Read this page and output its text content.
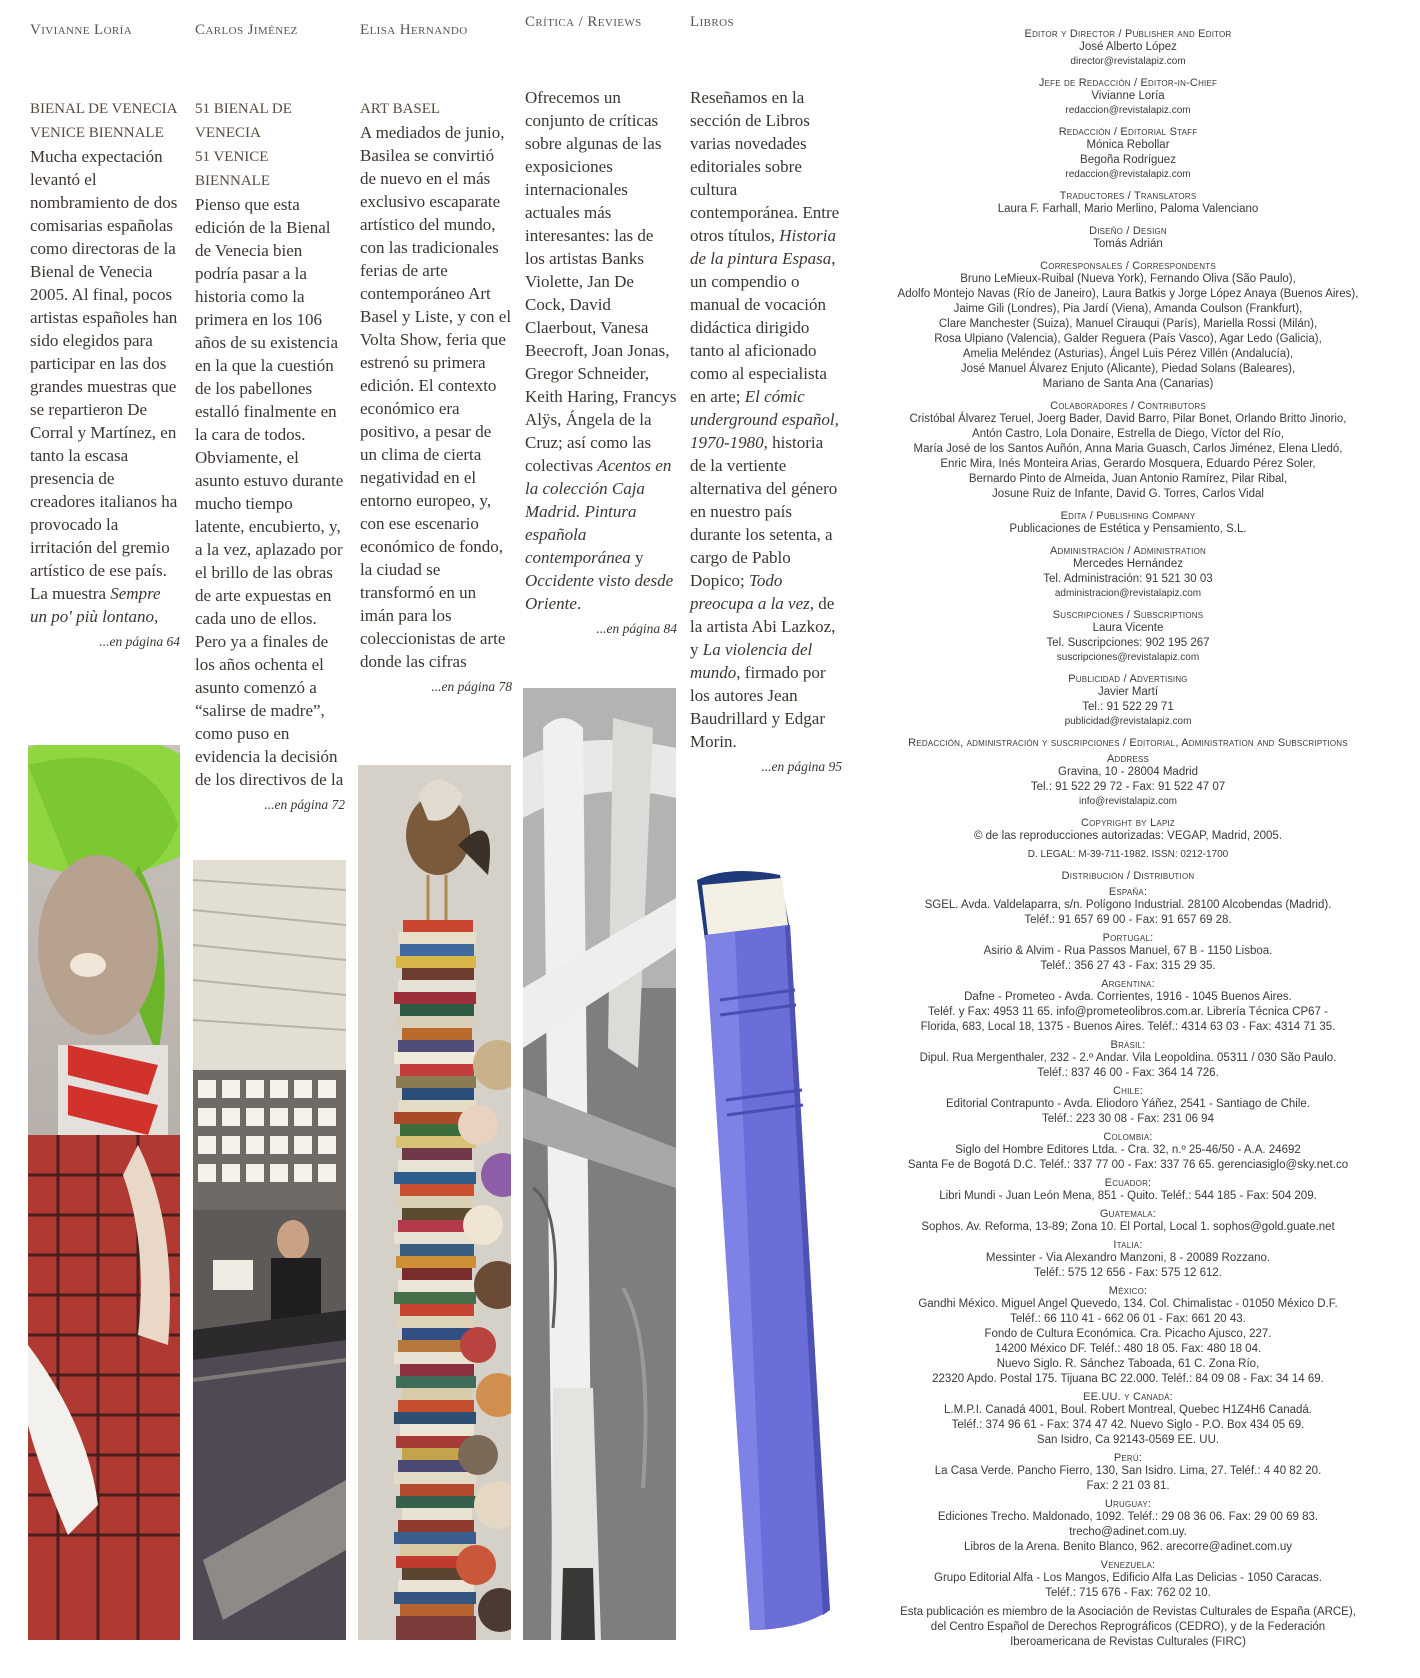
Vivianne Loría
BIENAL DE VENECIA
VENICE BIENNALE
Mucha expectación levantó el nombramiento de dos comisarias españolas como directoras de la Bienal de Venecia 2005. Al final, pocos artistas españoles han sido elegidos para participar en las dos grandes muestras que se repartieron De Corral y Martínez, en tanto la escasa presencia de creadores italianos ha provocado la irritación del gremio artístico de ese país. La muestra Sempre un po' più lontano,
...en página 64
Carlos Jiménez
51 BIENAL DE VENECIA
51 VENICE BIENNALE
Pienso que esta edición de la Bienal de Venecia bien podría pasar a la historia como la primera en los 106 años de su existencia en la que la cuestión de los pabellones estalló finalmente en la cara de todos. Obviamente, el asunto estuvo durante mucho tiempo latente, encubierto, y, a la vez, aplazado por el brillo de las obras de arte expuestas en cada uno de ellos. Pero ya a finales de los años ochenta el asunto comenzó a “salirse de madre”, como puso en evidencia la decisión de los directivos de la
...en página 72
Elisa Hernando
ART BASEL
A mediados de junio, Basilea se convirtió de nuevo en el más exclusivo escaparate artístico del mundo, con las tradicionales ferias de arte contemporáneo Art Basel y Liste, y con el Volta Show, feria que estrenó su primera edición. El contexto económico era positivo, a pesar de un clima de cierta negatividad en el entorno europeo, y, con ese escenario económico de fondo, la ciudad se transformó en un imán para los coleccionistas de arte donde las cifras
...en página 78
Crítica / Reviews
Ofrecemos un conjunto de críticas sobre algunas de las exposiciones internacionales actuales más interesantes: las de los artistas Banks Violette, Jan De Cock, David Claerbout, Vanesa Beecroft, Joan Jonas, Gregor Schneider, Keith Haring, Francys Alÿs, Ángela de la Cruz; así como las colectivas Acentos en la colección Caja Madrid. Pintura española contemporánea y Occidente visto desde Oriente.
...en página 84
Libros
Reseñamos en la sección de Libros varias novedades editoriales sobre cultura contemporánea. Entre otros títulos, Historia de la pintura Espasa, un compendio o manual de vocación didáctica dirigido tanto al aficionado como al especialista en arte; El cómic underground español, 1970-1980, historia de la vertiente alternativa del género en nuestro país durante los setenta, a cargo de Pablo Dopico; Todo preocupa a la vez, de la artista Abi Lazkoz, y La violencia del mundo, firmado por los autores Jean Baudrillard y Edgar Morin.
...en página 95
Editor y Director / Publisher and Editor
José Alberto López
director@revistalapiz.com
Jefe de Redacción / Editor-in-Chief
Vivianne Loría
redaccion@revistalapiz.com
Redacción / Editorial Staff
Mónica Rebollar
Begoña Rodríguez
redaccion@revistalapiz.com
Traductores / Translators
Laura F. Farhall, Mario Merlino, Paloma Valenciano
Diseño / Design
Tomás Adrián
Corresponsales / Correspondents
Bruno LeMieux-Ruibal (Nueva York), Fernando Oliva (São Paulo),
Adolfo Montejo Navas (Río de Janeiro), Laura Batkis y Jorge López Anaya (Buenos Aires),
Jaime Gili (Londres), Pia Jardí (Viena), Amanda Coulson (Frankfurt),
Clare Manchester (Suiza), Manuel Cirauqui (París), Mariella Rossi (Milán),
Rosa Ulpiano (Valencia), Galder Reguera (País Vasco), Agar Ledo (Galicia),
Amelia Meléndez (Asturias), Ángel Luis Pérez Villén (Andalucía),
José Manuel Álvarez Enjuto (Alicante), Piedad Solans (Baleares),
Mariano de Santa Ana (Canarias)
Colaboradores / Contributors
Cristóbal Álvarez Teruel, Joerg Bader, David Barro, Pilar Bonet, Orlando Britto Jinorio,
Antón Castro, Lola Donaire, Estrella de Diego, Víctor del Río,
María José de los Santos Auñón, Anna Maria Guasch, Carlos Jiménez, Elena Lledó,
Enric Mira, Inés Monteira Arias, Gerardo Mosquera, Eduardo Pérez Soler,
Bernardo Pinto de Almeida, Juan Antonio Ramírez, Pilar Ribal,
Josune Ruiz de Infante, David G. Torres, Carlos Vidal
Edita / Publishing Company
Publicaciones de Estética y Pensamiento, S.L.
Administración / Administration
Mercedes Hernández
Tel. Administración: 91 521 30 03
administracion@revistalapiz.com
Suscripciones / Subscriptions
Laura Vicente
Tel. Suscripciones: 902 195 267
suscripciones@revistalapiz.com
Publicidad / Advertising
Javier Martí
Tel.: 91 522 29 71
publicidad@revistalapiz.com
Redacción, administración y suscripciones / Editorial, Administration and Subscriptions
Address
Gravina, 10 - 28004 Madrid
Tel.: 91 522 29 72 - Fax: 91 522 47 07
info@revistalapiz.com
Copyright by Lapiz
© de las reproducciones autorizadas: VEGAP, Madrid, 2005.
D. LEGAL: M-39-711-1982. ISSN: 0212-1700
Distribución / Distribution
España:
SGEL. Avda. Valdelaparra, s/n. Polígono Industrial. 28100 Alcobendas (Madrid).
Teléf.: 91 657 69 00 - Fax: 91 657 69 28.
Portugal:
Asirio & Alvim - Rua Passos Manuel, 67 B - 1150 Lisboa.
Teléf.: 356 27 43 - Fax: 315 29 35.
Argentina:
Dafne - Prometeo - Avda. Corrientes, 1916 - 1045 Buenos Aires.
Teléf. y Fax: 4953 11 65. info@prometeolibros.com.ar. Librería Técnica CP67 -
Florida, 683, Local 18, 1375 - Buenos Aires. Teléf.: 4314 63 03 - Fax: 4314 71 35.
Brasil:
Dipul. Rua Mergenthaler, 232 - 2.º Andar. Vila Leopoldina. 05311 / 030 São Paulo.
Teléf.: 837 46 00 - Fax: 364 14 726.
Chile:
Editorial Contrapunto - Avda. Eliodoro Yáñez, 2541 - Santiago de Chile.
Teléf.: 223 30 08 - Fax: 231 06 94
Colombia:
Siglo del Hombre Editores Ltda. - Cra. 32, n.º 25-46/50 - A.A. 24692
Santa Fe de Bogotá D.C. Teléf.: 337 77 00 - Fax: 337 76 65. gerenciasiglo@sky.net.co
Ecuador:
Libri Mundi - Juan León Mena, 851 - Quito. Teléf.: 544 185 - Fax: 504 209.
Guatemala:
Sophos. Av. Reforma, 13-89; Zona 10. El Portal, Local 1. sophos@gold.guate.net
Italia:
Messinter - Via Alexandro Manzoni, 8 - 20089 Rozzano.
Teléf.: 575 12 656 - Fax: 575 12 612.
México:
Gandhi México. Miguel Angel Quevedo, 134. Col. Chimalistac - 01050 México D.F.
Teléf.: 66 110 41 - 662 06 01 - Fax: 661 20 43.
Fondo de Cultura Económica. Cra. Picacho Ajusco, 227.
14200 México DF. Teléf.: 480 18 05. Fax: 480 18 04.
Nuevo Siglo. R. Sánchez Taboada, 61 C. Zona Río,
22320 Apdo. Postal 175. Tijuana BC 22.000. Teléf.: 84 09 08 - Fax: 34 14 69.
EE.UU. y Canadá:
L.M.P.I. Canadá 4001, Boul. Robert Montreal, Quebec H1Z4H6 Canadá.
Teléf.: 374 96 61 - Fax: 374 47 42. Nuevo Siglo - P.O. Box 434 05 69.
San Isidro, Ca 92143-0569 EE. UU.
Perú:
La Casa Verde. Pancho Fierro, 130, San Isidro. Lima, 27. Teléf.: 4 40 82 20.
Fax: 2 21 03 81.
Uruguay:
Ediciones Trecho. Maldonado, 1092. Teléf.: 29 08 36 06. Fax: 29 00 69 83. trecho@adinet.com.uy.
Libros de la Arena. Benito Blanco, 962. arecorre@adinet.com.uy
Venezuela:
Grupo Editorial Alfa - Los Mangos, Edificio Alfa Las Delicias - 1050 Caracas.
Teléf.: 715 676 - Fax: 762 02 10.
Esta publicación es miembro de la Asociación de Revistas Culturales de España (ARCE),
del Centro Español de Derechos Reprográficos (CEDRO), y de la Federación
Iberoamericana de Revistas Culturales (FIRC)
